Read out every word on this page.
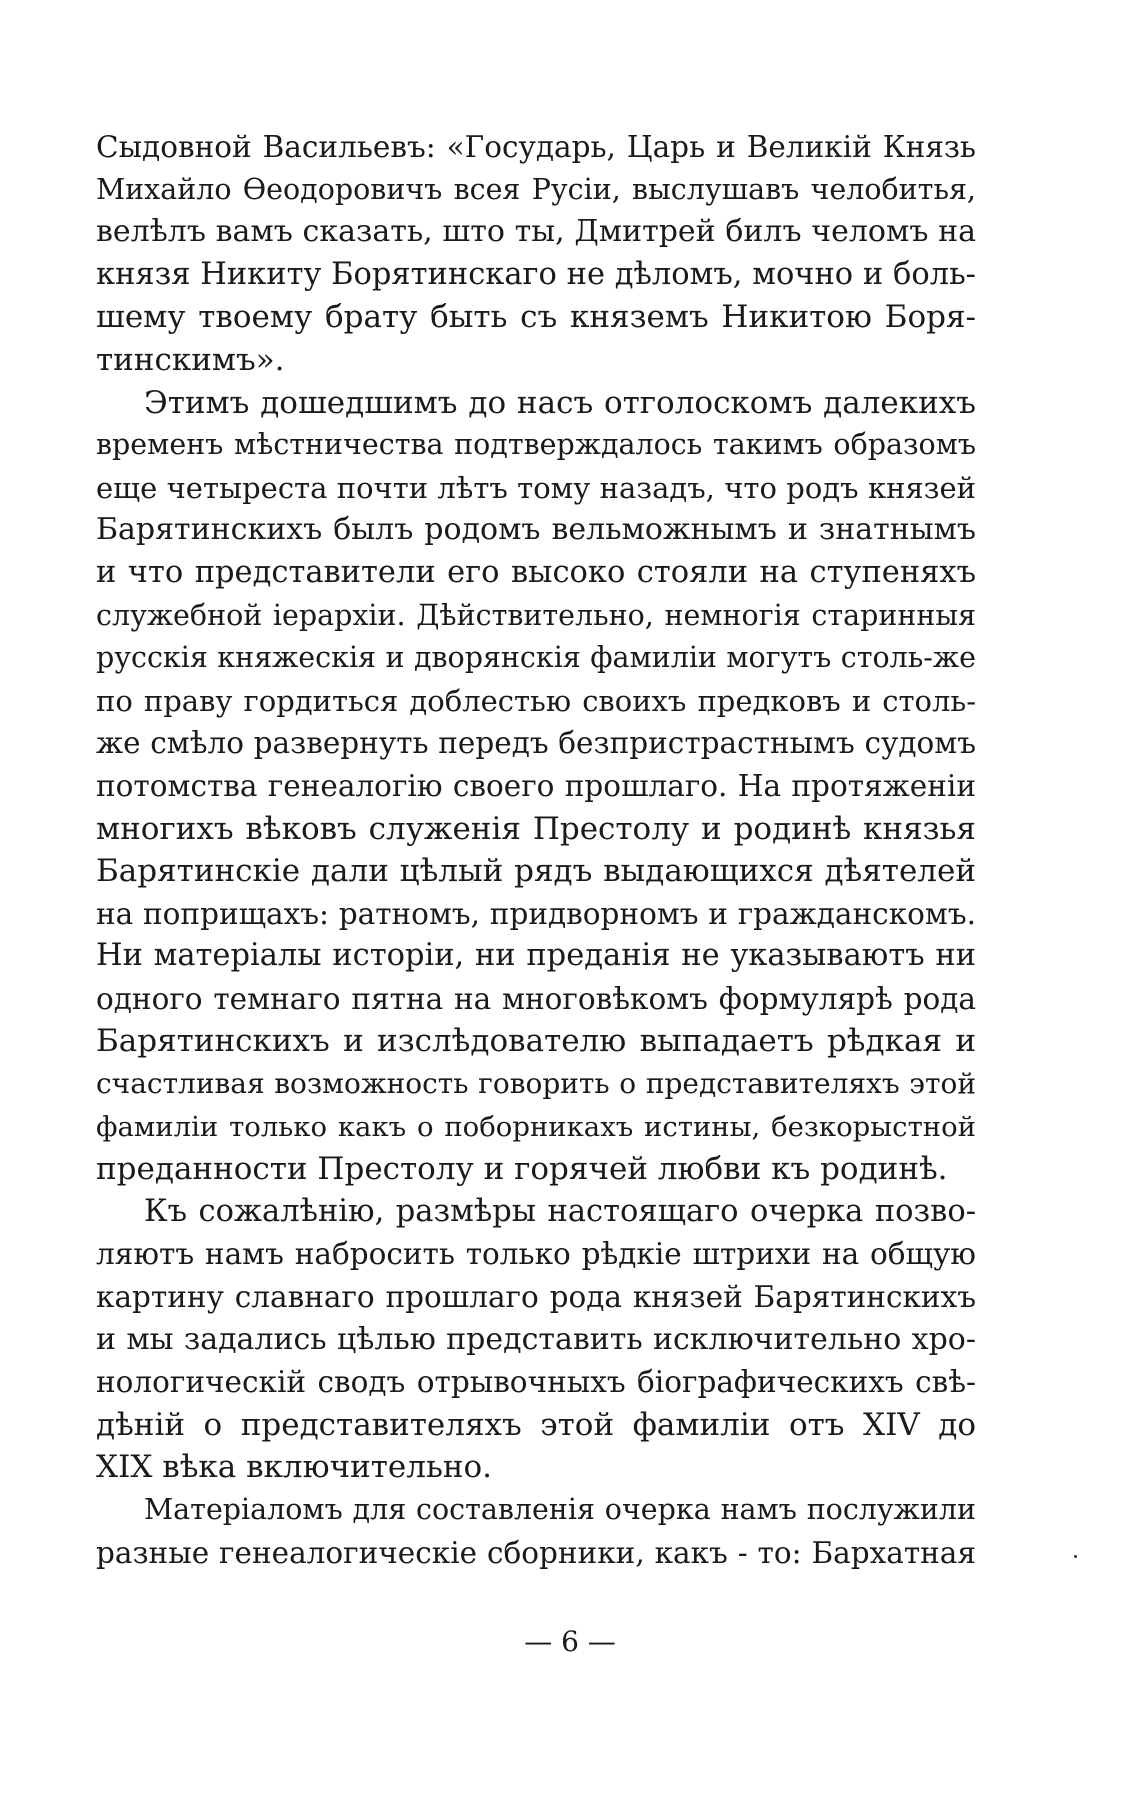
Сыдовной Васильевъ: «Государь, Царь и Великій Князь
Михайло Өеодоровичъ всея Русіи, выслушавъ челобитья,
велѣлъ вамъ сказать, што ты, Дмитрей билъ челомъ на
князя Никиту Борятинскаго не дѣломъ, мочно и боль-
шему твоему брату быть съ княземъ Никитою Боря-
тинскимъ».
Этимъ дошедшимъ до насъ отголоскомъ далекихъ
временъ мѣстничества подтверждалось такимъ образомъ
еще четыреста почти лѣтъ тому назадъ, что родъ князей
Барятинскихъ былъ родомъ вельможнымъ и знатнымъ
и что представители его высоко стояли на ступеняхъ
служебной іерархіи. Дѣйствительно, немногія старинныя
русскія княжескія и дворянскія фамиліи могутъ столь-же
по праву гордиться доблестью своихъ предковъ и столь-
же смѣло развернуть передъ безпристрастнымъ судомъ
потомства генеалогію своего прошлаго. На протяженіи
многихъ вѣковъ служенія Престолу и родинѣ князья
Барятинскіе дали цѣлый рядъ выдающихся дѣятелей
на поприщахъ: ратномъ, придворномъ и гражданскомъ.
Ни матеріалы исторіи, ни преданія не указываютъ ни
одного темнаго пятна на многовѣкомъ формулярѣ рода
Барятинскихъ и изслѣдователю выпадаетъ рѣдкая и
счастливая возможность говорить о представителяхъ этой
фамиліи только какъ о поборникахъ истины, безкорыстной
преданности Престолу и горячей любви къ родинѣ.
Къ сожалѣнію, размѣры настоящаго очерка позво-
ляютъ намъ набросить только рѣдкіе штрихи на общую
картину славнаго прошлаго рода князей Барятинскихъ
и мы задались цѣлью представить исключительно хро-
нологическій сводъ отрывочныхъ біографическихъ свѣ-
дѣній о представителяхъ этой фамиліи отъ XIV до
XIX вѣка включительно.
Матеріаломъ для составленія очерка намъ послужили
разные генеалогическіе сборники, какъ - то: Бархатная
— 6 —
